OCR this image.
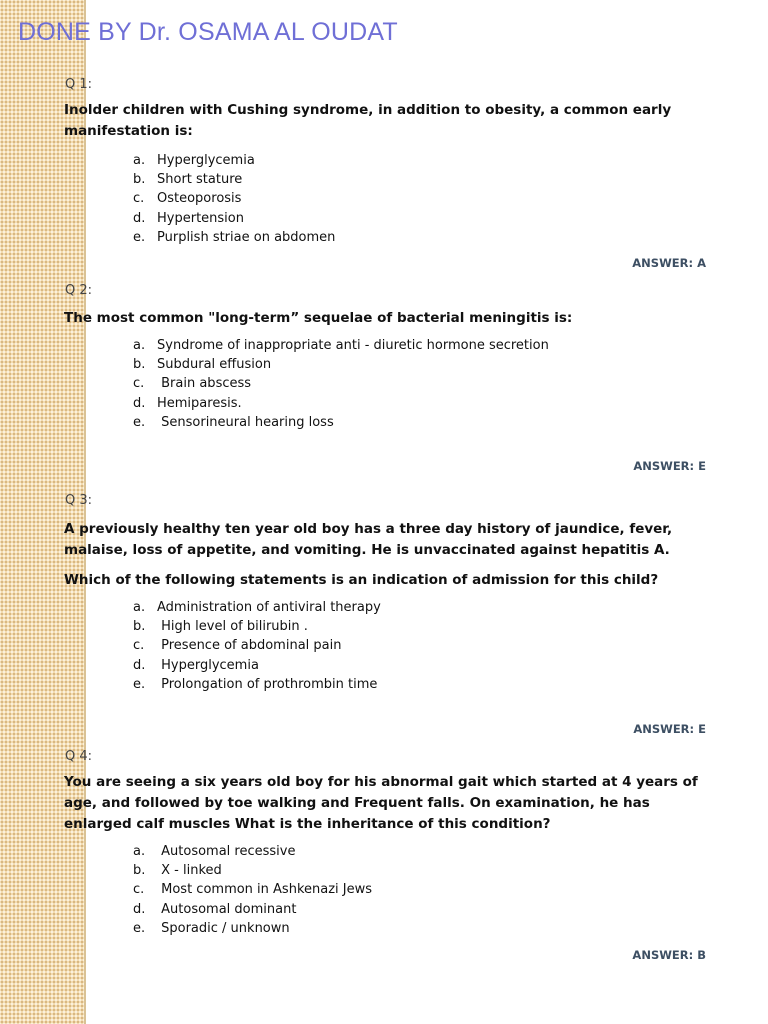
DONE BY Dr. OSAMA AL OUDAT
Q 1:

Inolder children with Cushing syndrome, in addition to obesity, a common early manifestation is:

a. Hyperglycemia
b. Short stature
c. Osteoporosis
d. Hypertension
e. Purplish striae on abdomen
ANSWER: A
Q 2:

The most common "long-term” sequelae of bacterial meningitis is:

a. Syndrome of inappropriate anti - diuretic hormone secretion
b. Subdural effusion
c. Brain abscess
d. Hemiparesis.
e. Sensorineural hearing loss
ANSWER: E
Q 3:

A previously healthy ten year old boy has a three day history of jaundice, fever, malaise, loss of appetite, and vomiting. He is unvaccinated against hepatitis A.

Which of the following statements is an indication of admission for this child?

a. Administration of antiviral therapy
b. High level of bilirubin .
c. Presence of abdominal pain
d. Hyperglycemia
e. Prolongation of prothrombin time
ANSWER: E
Q 4:

You are seeing a six years old boy for his abnormal gait which started at 4 years of age, and followed by toe walking and Frequent falls. On examination, he has enlarged calf muscles What is the inheritance of this condition?

a. Autosomal recessive
b. X - linked
c. Most common in Ashkenazi Jews
d. Autosomal dominant
e. Sporadic / unknown
ANSWER: B
